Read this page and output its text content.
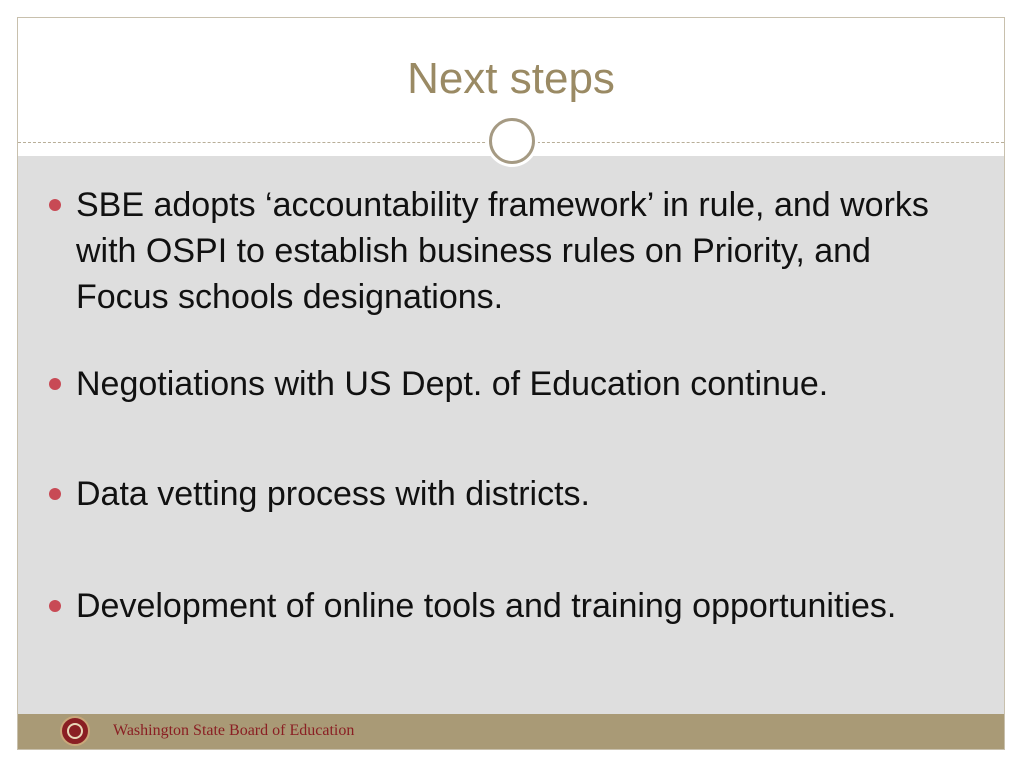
Next steps
SBE adopts ‘accountability framework’ in rule, and works with OSPI to establish business rules on Priority, and Focus schools designations.
Negotiations with US Dept. of Education continue.
Data vetting process with districts.
Development of online tools and training opportunities.
Washington State Board of Education
